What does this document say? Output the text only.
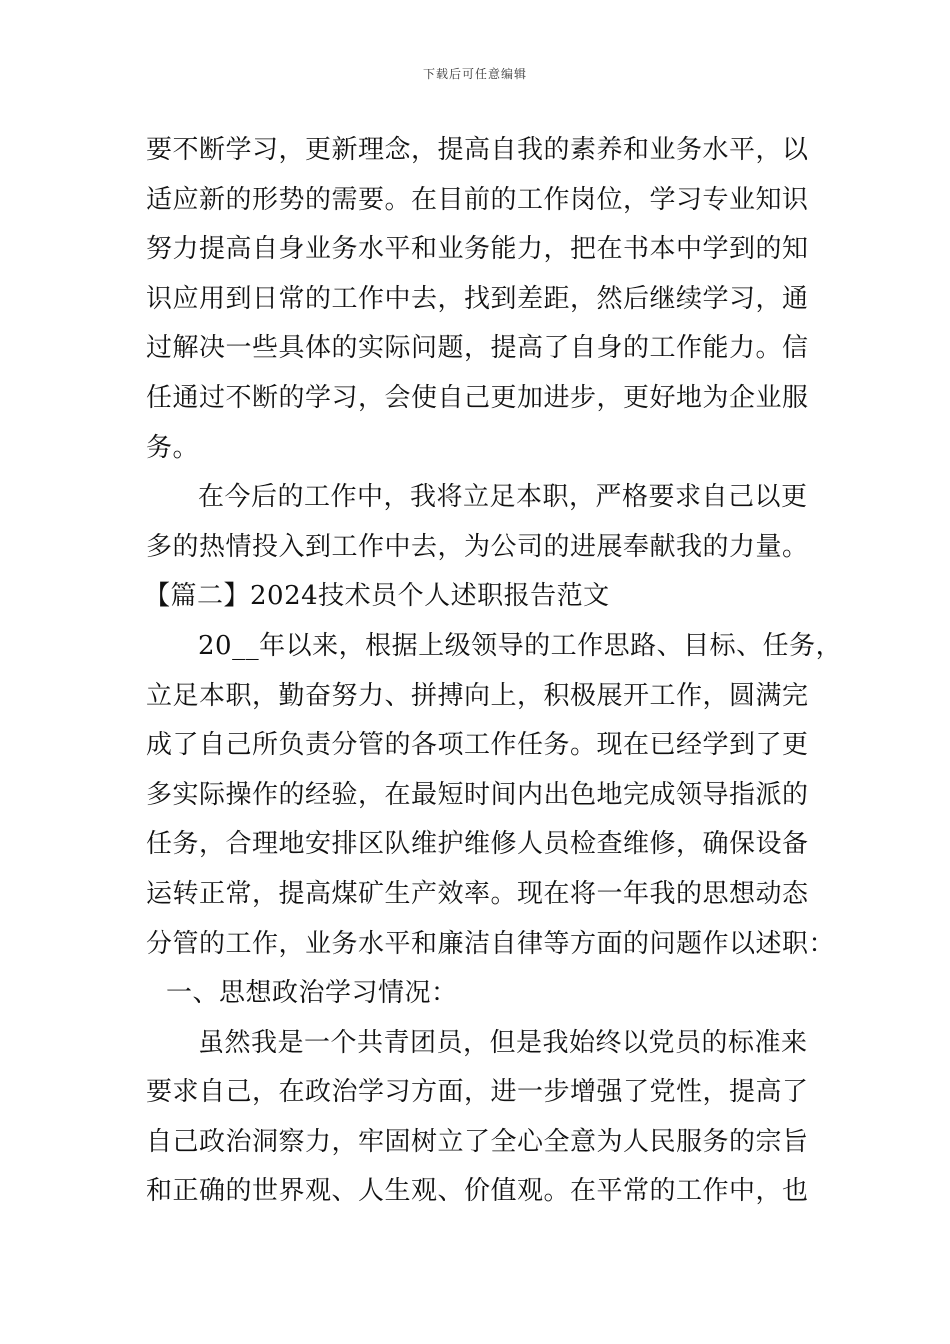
下载后可任意编辑
要不断学习，更新理念，提高自我的素养和业务水平，以
适应新的形势的需要。在目前的工作岗位，学习专业知识
努力提高自身业务水平和业务能力，把在书本中学到的知
识应用到日常的工作中去，找到差距，然后继续学习，通
过解决一些具体的实际问题，提高了自身的工作能力。信
任通过不断的学习，会使自己更加进步，更好地为企业服
务。
在今后的工作中，我将立足本职，严格要求自己以更
多的热情投入到工作中去，为公司的进展奉献我的力量。
【篇二】2024技术员个人述职报告范文
20__年以来，根据上级领导的工作思路、目标、任务，
立足本职，勤奋努力、拼搏向上，积极展开工作，圆满完
成了自己所负责分管的各项工作任务。现在已经学到了更
多实际操作的经验，在最短时间内出色地完成领导指派的
任务，合理地安排区队维护维修人员检查维修，确保设备
运转正常，提高煤矿生产效率。现在将一年我的思想动态
分管的工作，业务水平和廉洁自律等方面的问题作以述职：
一、思想政治学习情况：
虽然我是一个共青团员，但是我始终以党员的标准来
要求自己，在政治学习方面，进一步增强了党性，提高了
自己政治洞察力，牢固树立了全心全意为人民服务的宗旨
和正确的世界观、人生观、价值观。在平常的工作中，也
